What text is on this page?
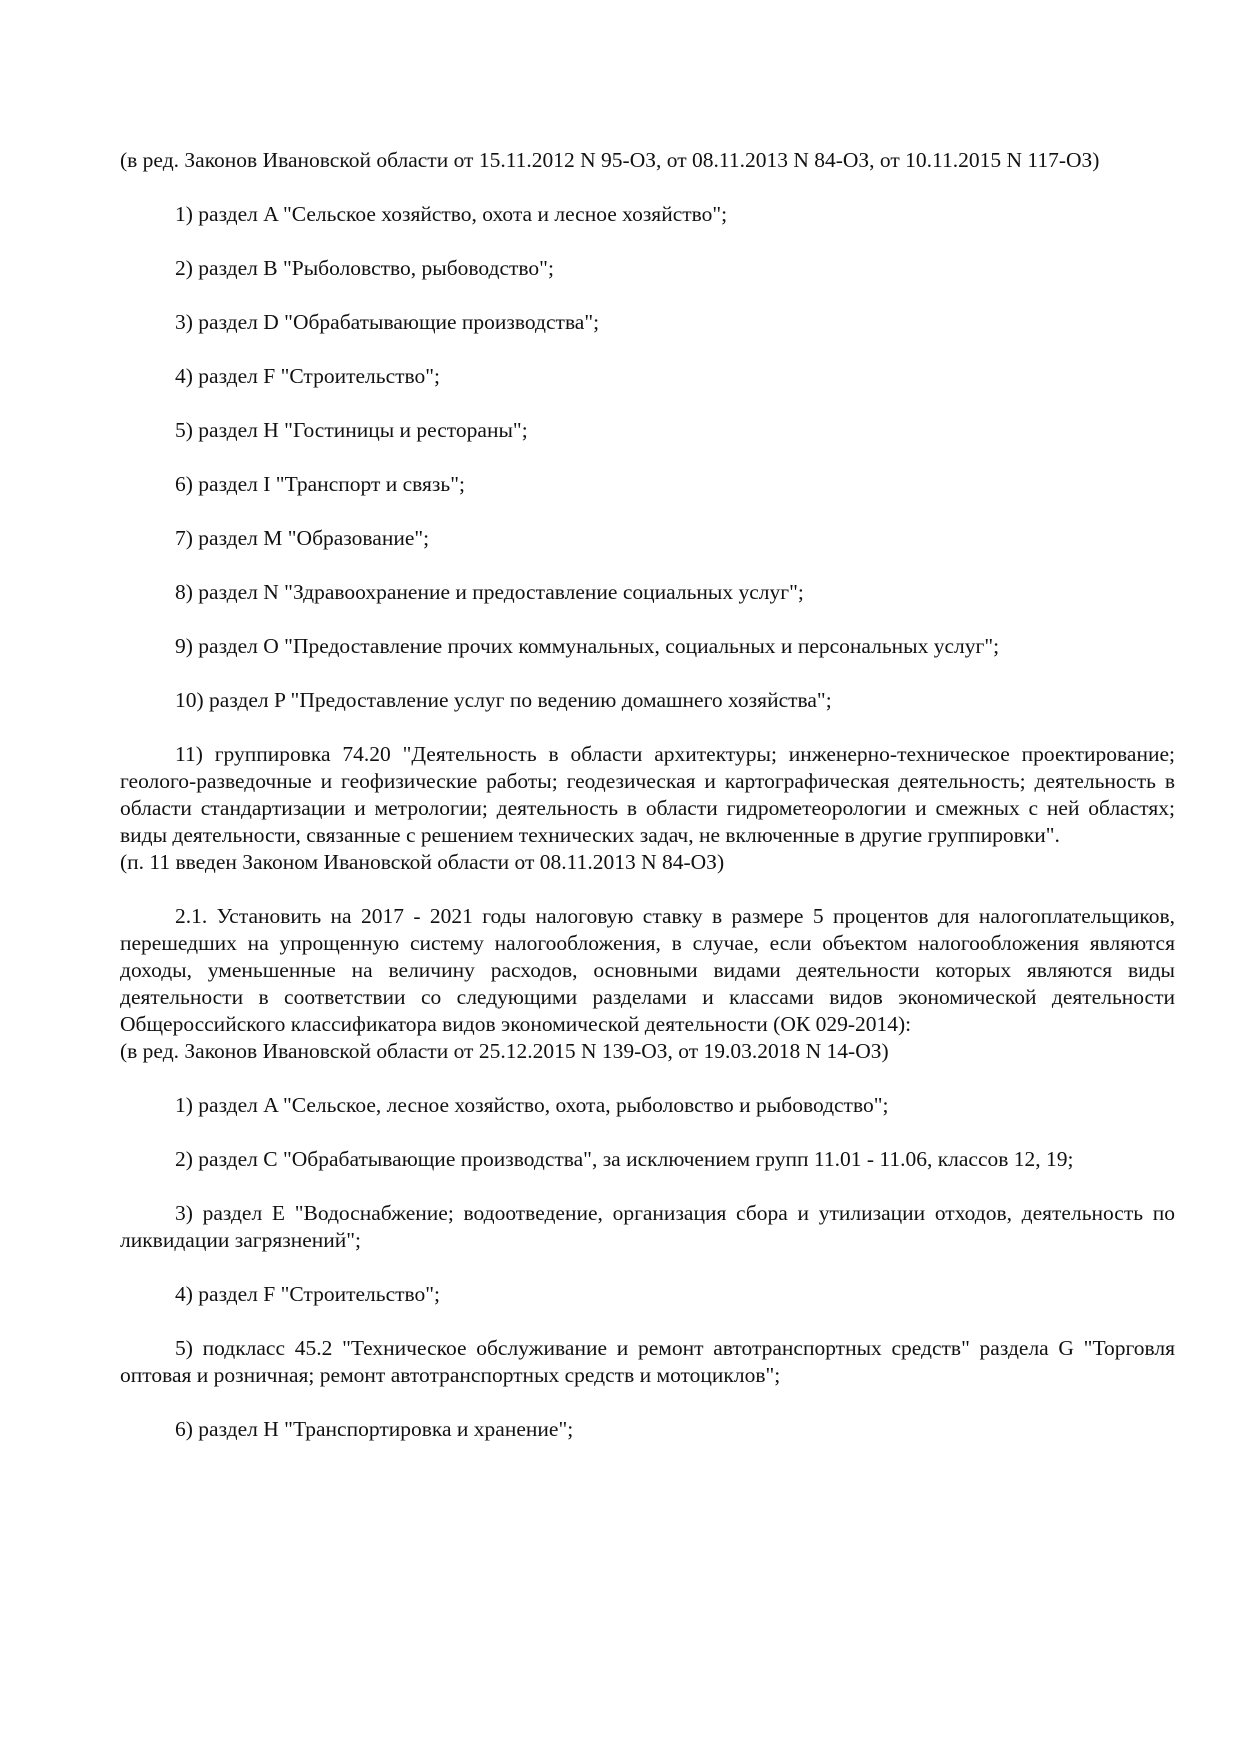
(в ред. Законов Ивановской области от 15.11.2012 N 95-ОЗ, от 08.11.2013 N 84-ОЗ, от 10.11.2015 N 117-ОЗ)

1) раздел A "Сельское хозяйство, охота и лесное хозяйство";

2) раздел B "Рыболовство, рыбоводство";

3) раздел D "Обрабатывающие производства";

4) раздел F "Строительство";

5) раздел H "Гостиницы и рестораны";

6) раздел I "Транспорт и связь";

7) раздел M "Образование";

8) раздел N "Здравоохранение и предоставление социальных услуг";

9) раздел O "Предоставление прочих коммунальных, социальных и персональных услуг";

10) раздел P "Предоставление услуг по ведению домашнего хозяйства";

11) группировка 74.20 "Деятельность в области архитектуры; инженерно-техническое проектирование; геолого-разведочные и геофизические работы; геодезическая и картографическая деятельность; деятельность в области стандартизации и метрологии; деятельность в области гидрометеорологии и смежных с ней областях; виды деятельности, связанные с решением технических задач, не включенные в другие группировки".

(п. 11 введен Законом Ивановской области от 08.11.2013 N 84-ОЗ)

2.1. Установить на 2017 - 2021 годы налоговую ставку в размере 5 процентов для налогоплательщиков, перешедших на упрощенную систему налогообложения, в случае, если объектом налогообложения являются доходы, уменьшенные на величину расходов, основными видами деятельности которых являются виды деятельности в соответствии со следующими разделами и классами видов экономической деятельности Общероссийского классификатора видов экономической деятельности (ОК 029-2014):

(в ред. Законов Ивановской области от 25.12.2015 N 139-ОЗ, от 19.03.2018 N 14-ОЗ)

1) раздел A "Сельское, лесное хозяйство, охота, рыболовство и рыбоводство";

2) раздел C "Обрабатывающие производства", за исключением групп 11.01 - 11.06, классов 12, 19;

3) раздел E "Водоснабжение; водоотведение, организация сбора и утилизации отходов, деятельность по ликвидации загрязнений";

4) раздел F "Строительство";

5) подкласс 45.2 "Техническое обслуживание и ремонт автотранспортных средств" раздела G "Торговля оптовая и розничная; ремонт автотранспортных средств и мотоциклов";

6) раздел H "Транспортировка и хранение";
